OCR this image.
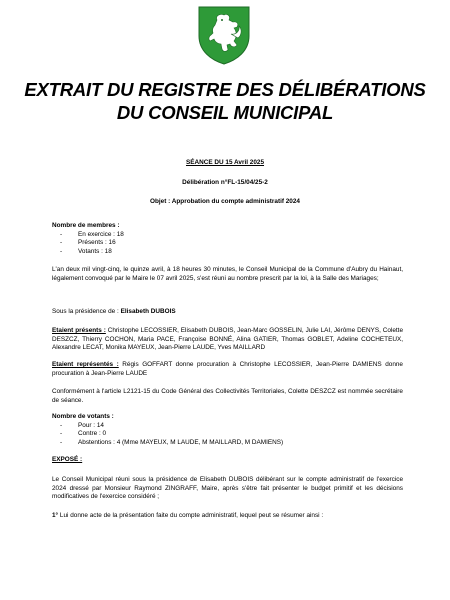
EXTRAIT DU REGISTRE DES DÉLIBÉRATIONS
DU CONSEIL MUNICIPAL
SÉANCE DU 15 Avril 2025
Délibération n°FL-15/04/25-2
Objet : Approbation du compte administratif 2024

Nombre de membres :

- En exercice : 18
- Présents : 16
- Votants : 18

L'an deux mil vingt-cinq, le quinze avril, à 18 heures 30 minutes, le Conseil Municipal de la Commune d'Aubry du Hainaut, légalement convoqué par le Maire le 07 avril 2025, s'est réuni au nombre prescrit par la loi, à la Salle des Mariages;

Sous la présidence de : Elisabeth DUBOIS

Etaient présents : Christophe LECOSSIER, Elisabeth DUBOIS, Jean-Marc GOSSELIN, Julie LAI, Jérôme DENYS, Colette DESZCZ, Thierry COCHON, Maria PACE, Françoise BONNÉ, Alina GATIER, Thomas GOBLET, Adeline COCHETEUX, Alexandre LECAT, Monika MAYEUX, Jean-Pierre LAUDE, Yves MAILLARD

Etaient représentés : Régis GOFFART donne procuration à Christophe LECOSSIER, Jean-Pierre DAMIENS donne procuration à Jean-Pierre LAUDE

Conformément à l'article L2121-15 du Code Général des Collectivités Territoriales, Colette DESZCZ est nommée secrétaire de séance.

Nombre de votants :

- Pour : 14
- Contre : 0
- Abstentions : 4 (Mme MAYEUX, M LAUDE, M MAILLARD, M DAMIENS)

EXPOSÉ :

Le Conseil Municipal réuni sous la présidence de Elisabeth DUBOIS délibérant sur le compte administratif de l'exercice 2024 dressé par Monsieur Raymond ZINGRAFF, Maire, après s'être fait présenter le budget primitif et les décisions modificatives de l'exercice considéré ;

1° Lui donne acte de la présentation faite du compte administratif, lequel peut se résumer ainsi :
